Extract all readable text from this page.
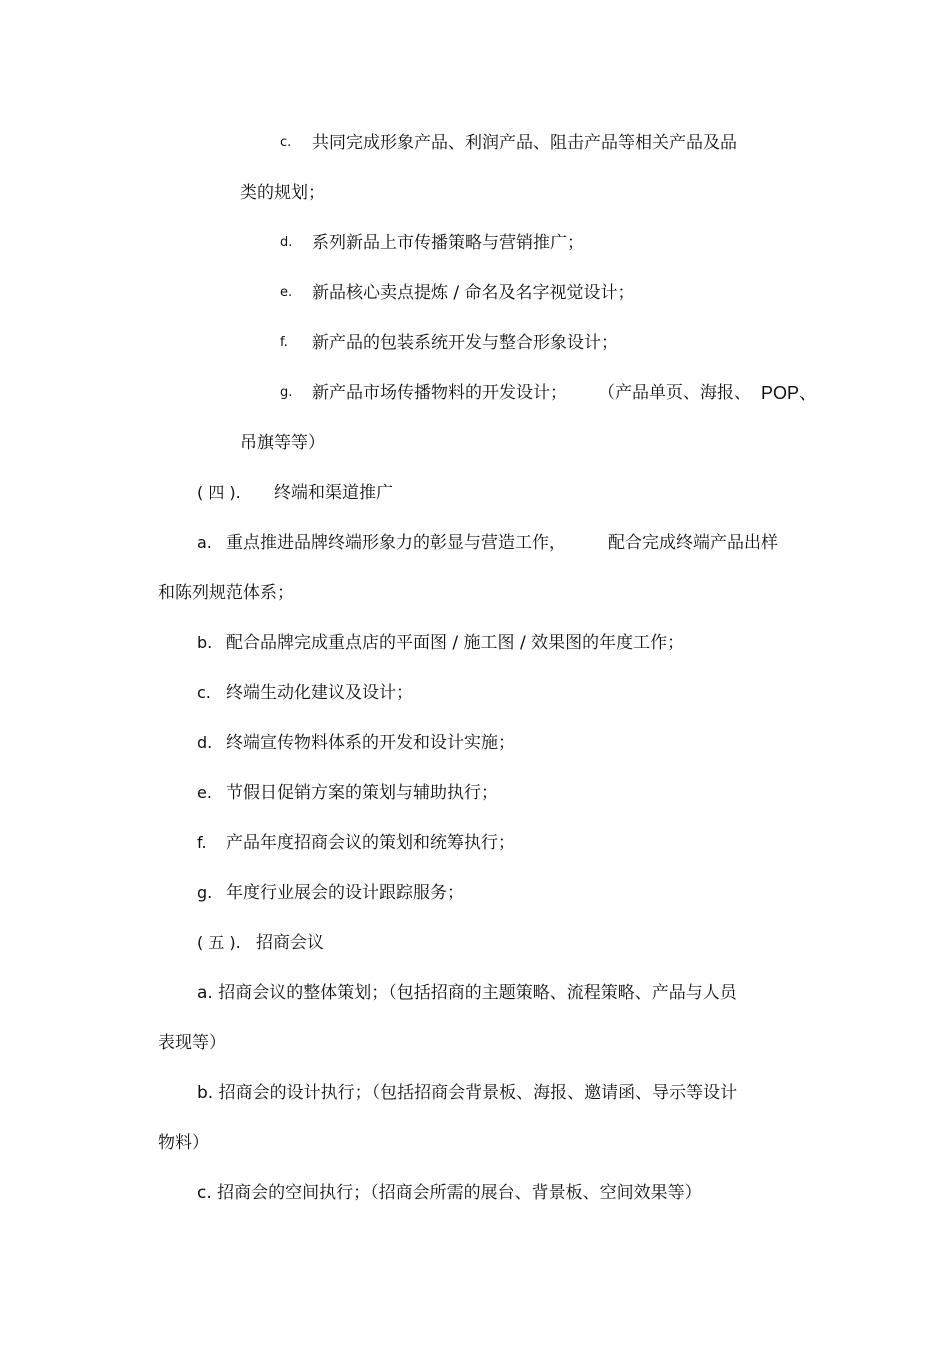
c. 共同完成形象产品、利润产品、阻击产品等相关产品及品
类的规划；
d. 系列新品上市传播策略与营销推广；
e. 新品核心卖点提炼 / 命名及名字视觉设计；
f. 新产品的包装系统开发与整合形象设计；
g. 新产品市场传播物料的开发设计； （产品单页、海报、 POP、
吊旗等等）
( 四 ). 终端和渠道推广
a. 重点推进品牌终端形象力的彰显与营造工作， 配合完成终端产品出样
和陈列规范体系；
b. 配合品牌完成重点店的平面图 / 施工图 / 效果图的年度工作；
c. 终端生动化建议及设计；
d. 终端宣传物料体系的开发和设计实施；
e. 节假日促销方案的策划与辅助执行；
f. 产品年度招商会议的策划和统筹执行；
g. 年度行业展会的设计跟踪服务；
( 五 ). 招商会议
a. 招商会议的整体策划；（包括招商的主题策略、流程策略、产品与人员
表现等）
b. 招商会的设计执行；（包括招商会背景板、海报、邀请函、导示等设计
物料）
c. 招商会的空间执行；（招商会所需的展台、背景板、空间效果等）
